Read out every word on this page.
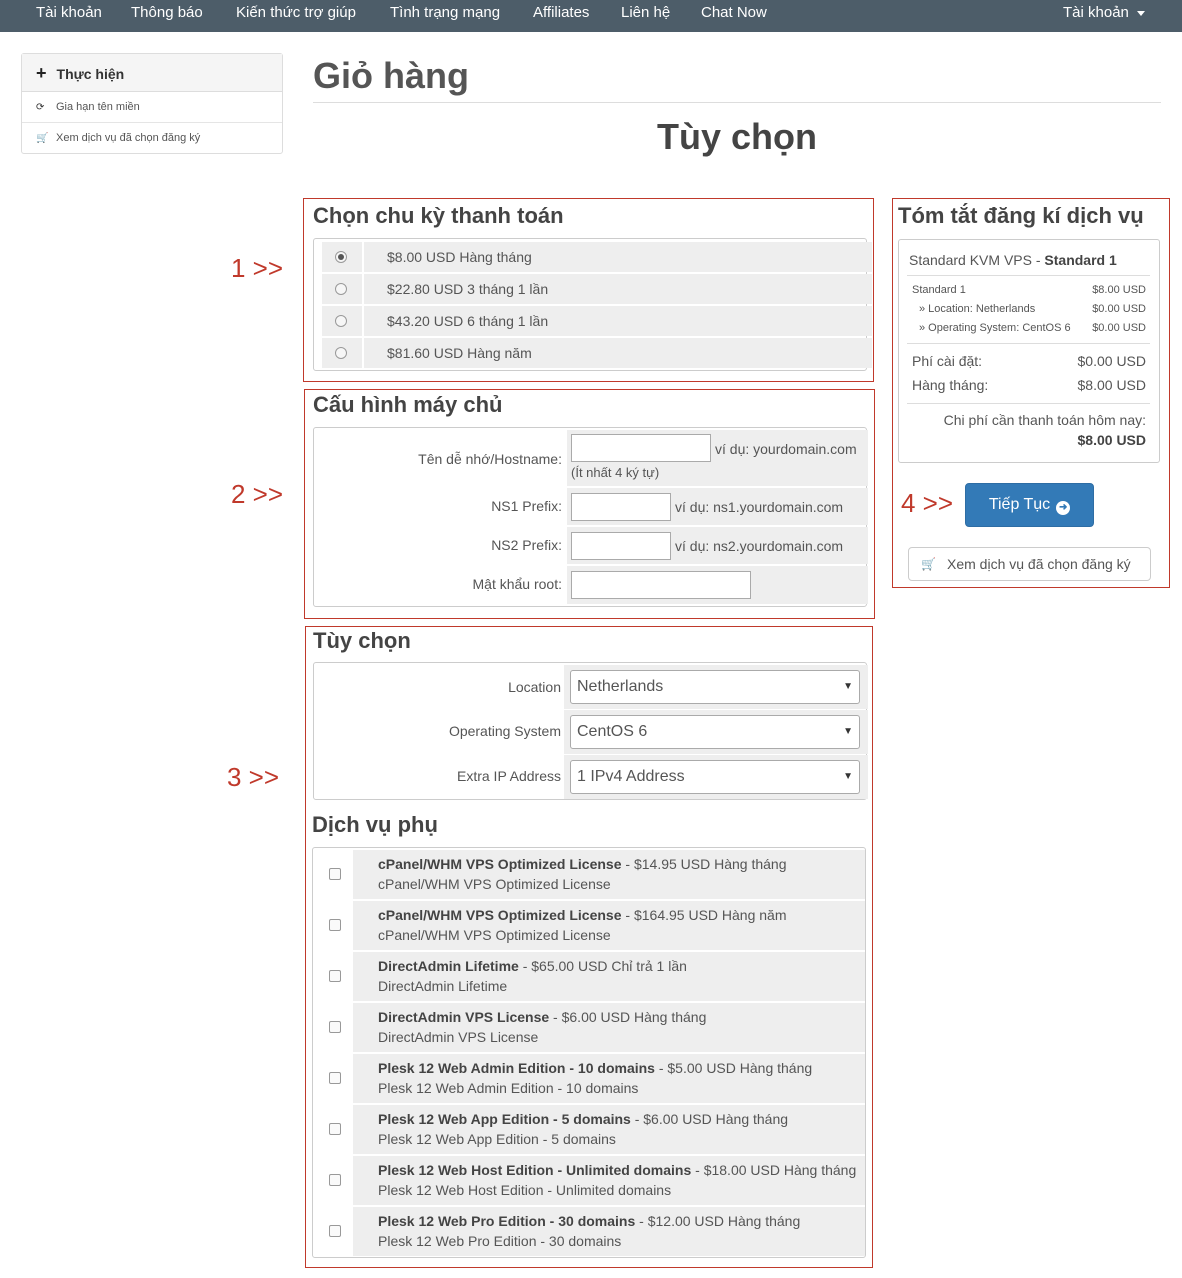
Tài khoản Thông báo Kiến thức trợ giúp Tình trạng mạng Affiliates Liên hệ Chat Now	Tài khoản
+ Thực hiện
⟳ Gia hạn tên miền
🛒 Xem dịch vụ đã chọn đăng ký
Giỏ hàng
Tùy chọn
1 >>
2 >>
3 >>
4 >>
Chọn chu kỳ thanh toán
$8.00 USD Hàng tháng
$22.80 USD 3 tháng 1 lần
$43.20 USD 6 tháng 1 lần
$81.60 USD Hàng năm
Cấu hình máy chủ
Tên dễ nhớ/Hostname:
ví dụ: yourdomain.com
(Ít nhất 4 ký tự)
NS1 Prefix:	ví dụ: ns1.yourdomain.com
NS2 Prefix:	ví dụ: ns2.yourdomain.com
Mật khẩu root:
Tùy chọn
Location	Netherlands	▼
Operating System	CentOS 6	▼
Extra IP Address	1 IPv4 Address	▼
Dịch vụ phụ
cPanel/WHM VPS Optimized License - $14.95 USD Hàng tháng
cPanel/WHM VPS Optimized License
cPanel/WHM VPS Optimized License - $164.95 USD Hàng năm
cPanel/WHM VPS Optimized License
DirectAdmin Lifetime - $65.00 USD Chỉ trả 1 lần
DirectAdmin Lifetime
DirectAdmin VPS License - $6.00 USD Hàng tháng
DirectAdmin VPS License
Plesk 12 Web Admin Edition - 10 domains - $5.00 USD Hàng tháng
Plesk 12 Web Admin Edition - 10 domains
Plesk 12 Web App Edition - 5 domains - $6.00 USD Hàng tháng
Plesk 12 Web App Edition - 5 domains
Plesk 12 Web Host Edition - Unlimited domains - $18.00 USD Hàng tháng
Plesk 12 Web Host Edition - Unlimited domains
Plesk 12 Web Pro Edition - 30 domains - $12.00 USD Hàng tháng
Plesk 12 Web Pro Edition - 30 domains
Tóm tắt đăng kí dịch vụ
Standard KVM VPS - Standard 1
Standard 1	$8.00 USD
» Location: Netherlands	$0.00 USD
» Operating System: CentOS 6 $0.00 USD
Phí cài đặt:	$0.00 USD
Hàng tháng:	$8.00 USD
Chi phí cần thanh toán hôm nay:
$8.00 USD
Tiếp Tục ➜
🛒 Xem dịch vụ đã chọn đăng ký
